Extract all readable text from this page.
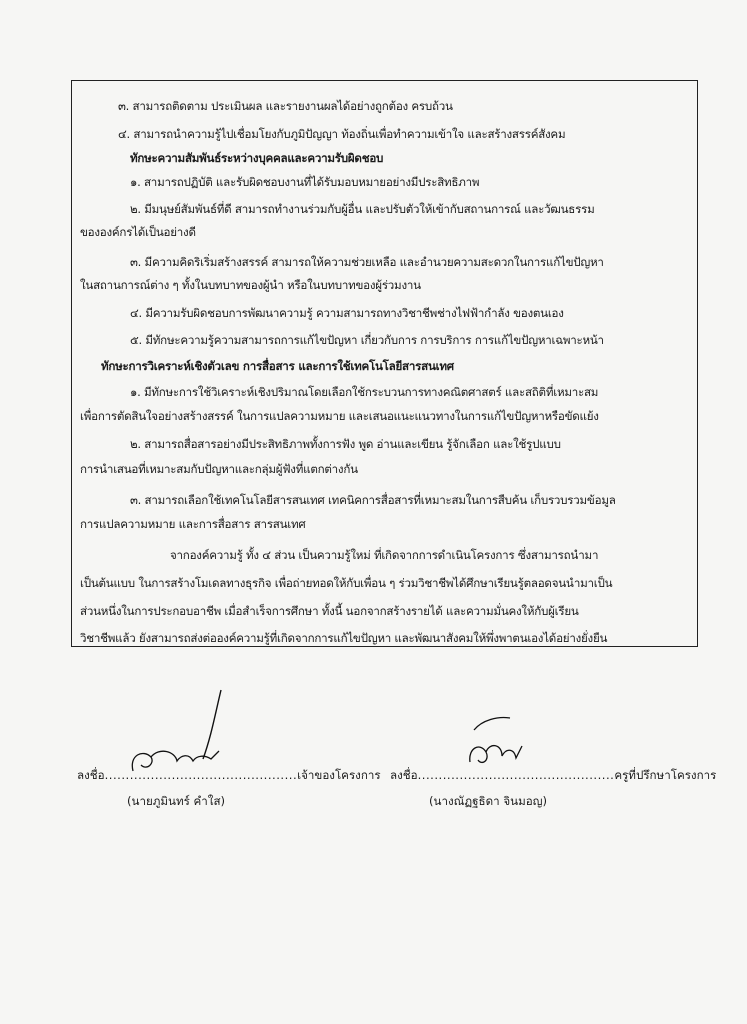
๓. สามารถติดตาม ประเมินผล และรายงานผลได้อย่างถูกต้อง ครบถ้วน
๔. สามารถนำความรู้ไปเชื่อมโยงกับภูมิปัญญา ท้องถิ่นเพื่อทำความเข้าใจ และสร้างสรรค์สังคม
ทักษะความสัมพันธ์ระหว่างบุคคลและความรับผิดชอบ
๑. สามารถปฏิบัติ และรับผิดชอบงานที่ได้รับมอบหมายอย่างมีประสิทธิภาพ
๒. มีมนุษย์สัมพันธ์ที่ดี สามารถทำงานร่วมกับผู้อื่น และปรับตัวให้เข้ากับสถานการณ์ และวัฒนธรรม
ขององค์กรได้เป็นอย่างดี
๓. มีความคิดริเริ่มสร้างสรรค์ สามารถให้ความช่วยเหลือ และอำนวยความสะดวกในการแก้ไขปัญหา
ในสถานการณ์ต่าง ๆ ทั้งในบทบาทของผู้นำ หรือในบทบาทของผู้ร่วมงาน
๔. มีความรับผิดชอบการพัฒนาความรู้ ความสามารถทางวิชาชีพช่างไฟฟ้ากำลัง ของตนเอง
๕. มีทักษะความรู้ความสามารถการแก้ไขปัญหา เกี่ยวกับการ การบริการ การแก้ไขปัญหาเฉพาะหน้า
ทักษะการวิเคราะห์เชิงตัวเลข การสื่อสาร และการใช้เทคโนโลยีสารสนเทศ
๑. มีทักษะการใช้วิเคราะห์เชิงปริมาณโดยเลือกใช้กระบวนการทางคณิตศาสตร์ และสถิติที่เหมาะสม
เพื่อการตัดสินใจอย่างสร้างสรรค์ ในการแปลความหมาย และเสนอแนะแนวทางในการแก้ไขปัญหาหรือขัดแย้ง
๒. สามารถสื่อสารอย่างมีประสิทธิภาพทั้งการฟัง พูด อ่านและเขียน รู้จักเลือก และใช้รูปแบบ
การนำเสนอที่เหมาะสมกับปัญหาและกลุ่มผู้ฟังที่แตกต่างกัน
๓. สามารถเลือกใช้เทคโนโลยีสารสนเทศ เทคนิคการสื่อสารที่เหมาะสมในการสืบค้น เก็บรวบรวมข้อมูล
การแปลความหมาย และการสื่อสาร สารสนเทศ
จากองค์ความรู้ ทั้ง ๔ ส่วน เป็นความรู้ใหม่ ที่เกิดจากการดำเนินโครงการ ซึ่งสามารถนำมา
เป็นต้นแบบ ในการสร้างโมเดลทางธุรกิจ เพื่อถ่ายทอดให้กับเพื่อน ๆ ร่วมวิชาชีพได้ศึกษาเรียนรู้ตลอดจนนำมาเป็น
ส่วนหนึ่งในการประกอบอาชีพ เมื่อสำเร็จการศึกษา ทั้งนี้ นอกจากสร้างรายได้ และความมั่นคงให้กับผู้เรียน
วิชาชีพแล้ว ยังสามารถส่งต่อองค์ความรู้ที่เกิดจากการแก้ไขปัญหา และพัฒนาสังคมให้พึ่งพาตนเองได้อย่างยั่งยืน
ลงชื่อ..............................................เจ้าของโครงการ
(นายภูมินทร์ คำใส)
ลงชื่อ...............................................ครูที่ปรึกษาโครงการ
(นางณัฏฐธิดา จินมอญ)
